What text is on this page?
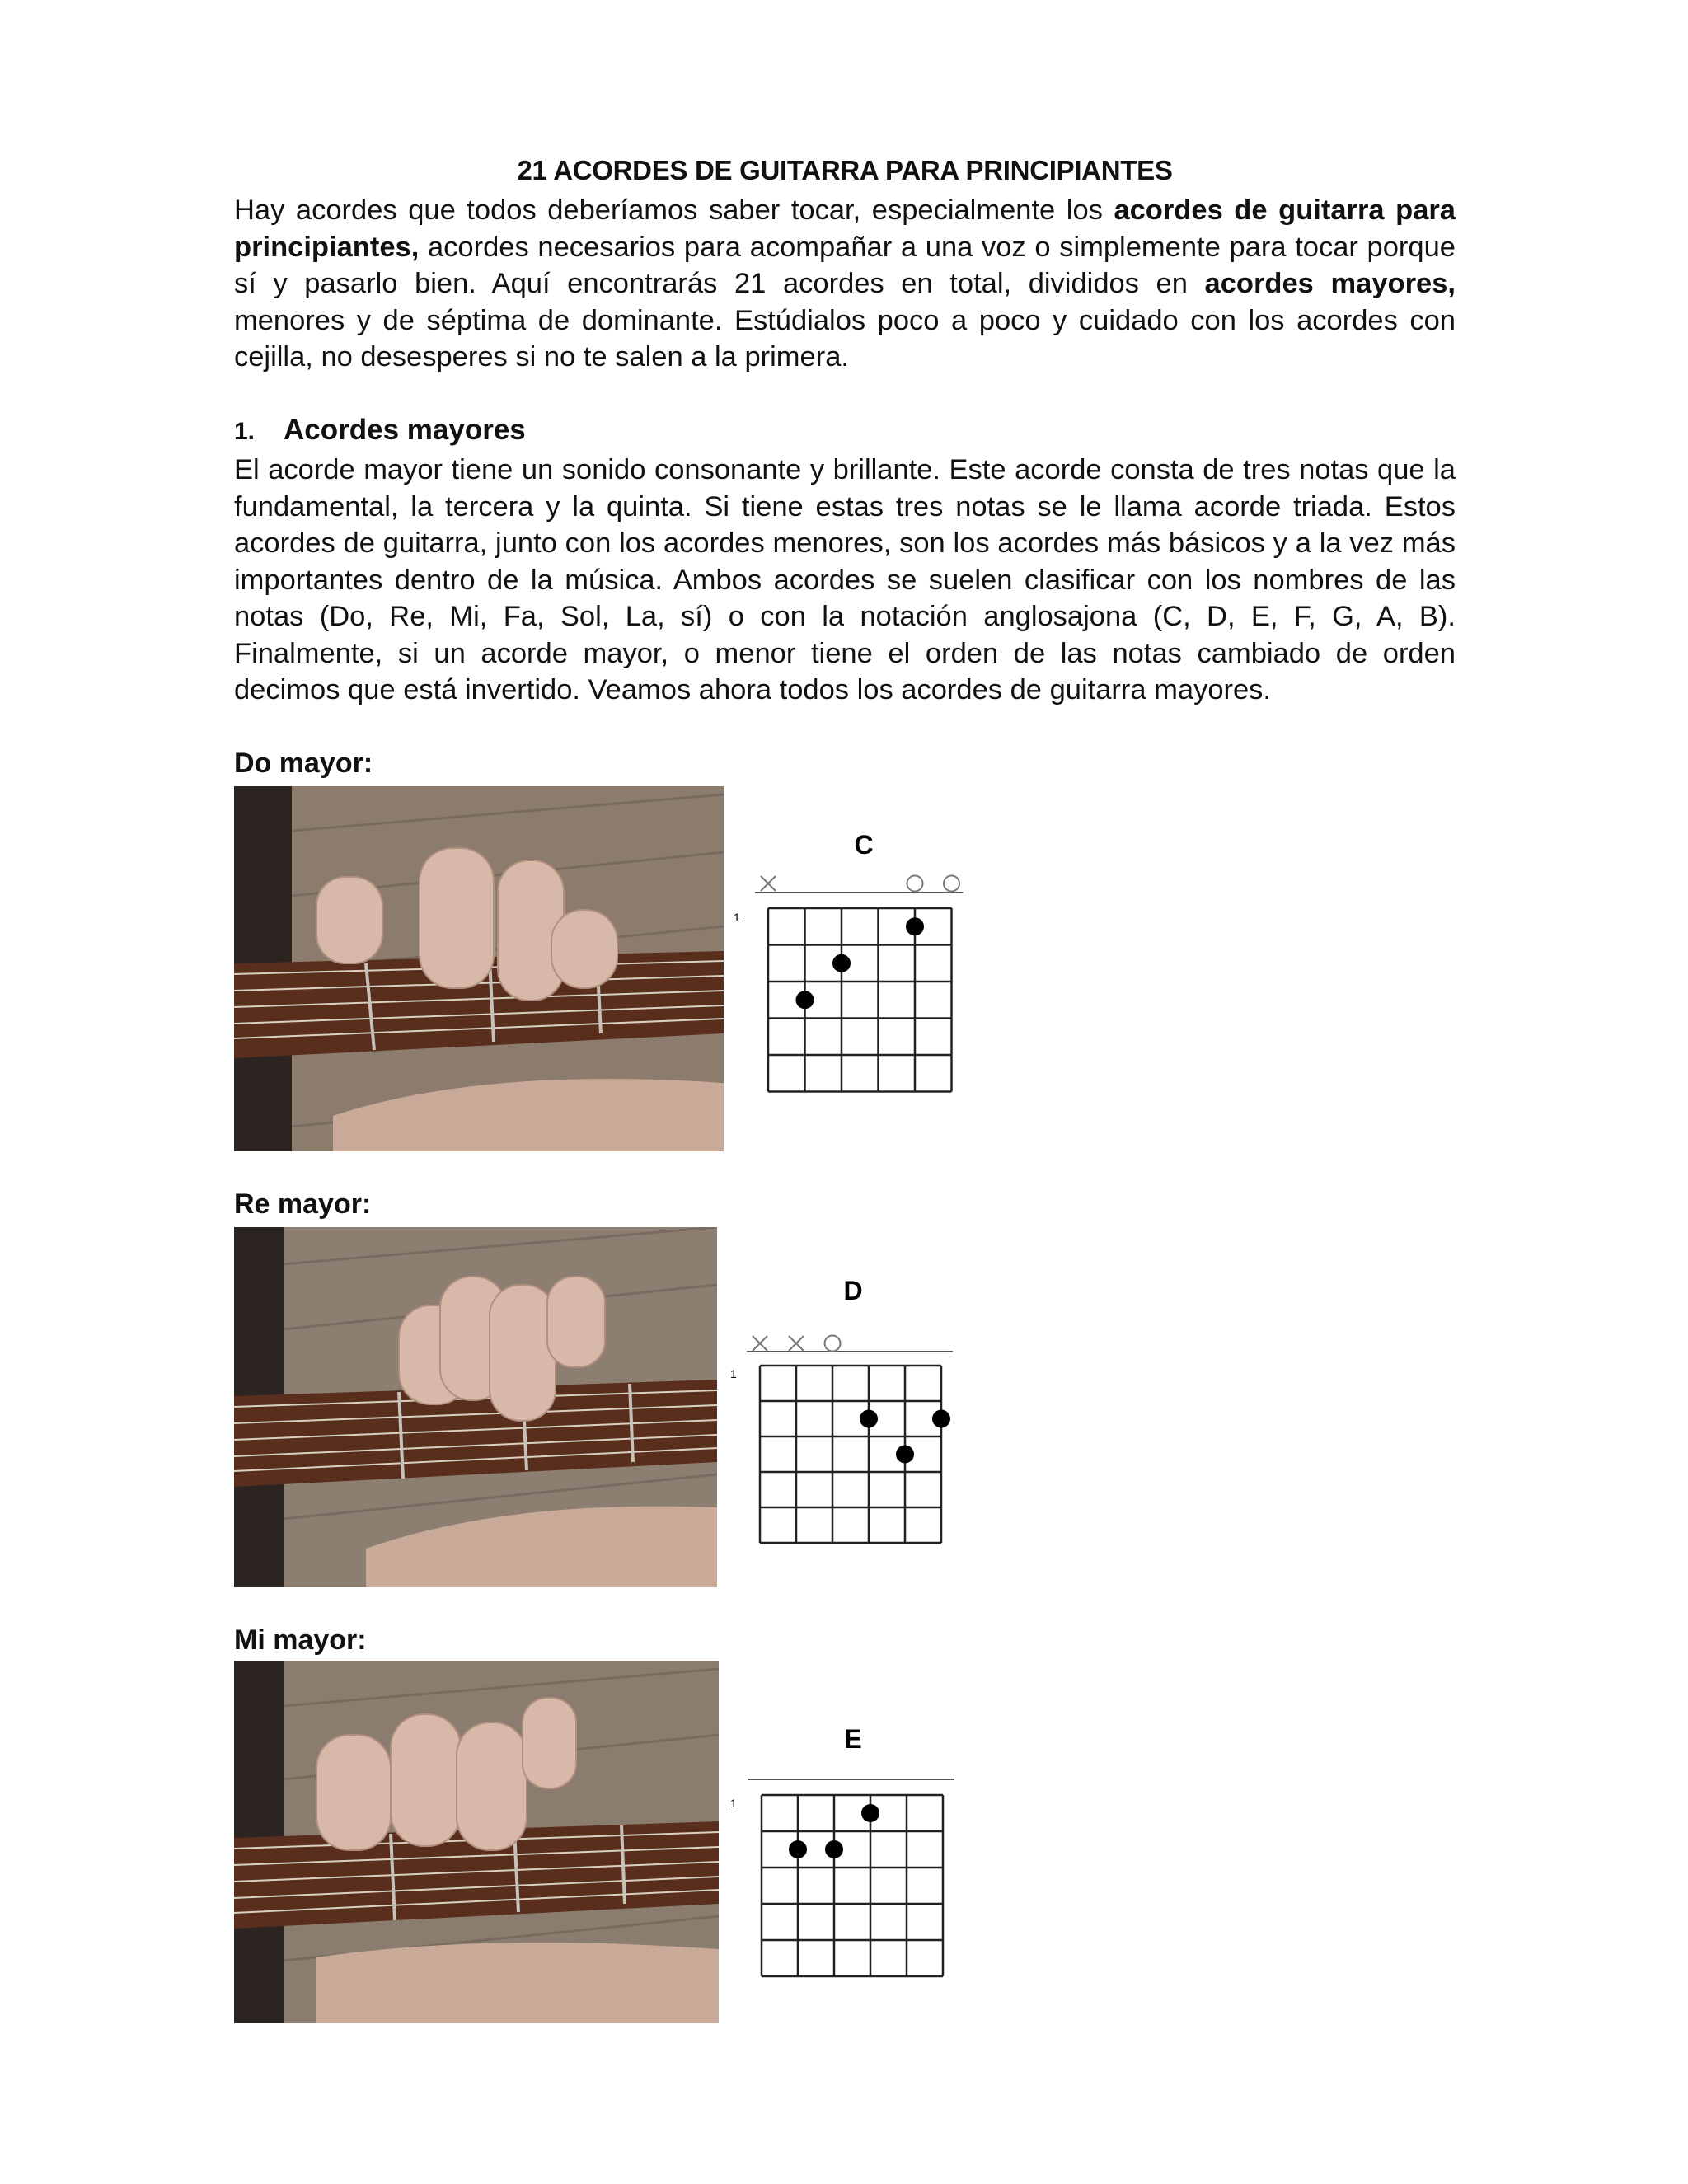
21 ACORDES DE GUITARRA PARA PRINCIPIANTES
Hay acordes que todos deberíamos saber tocar, especialmente los acordes de guitarra para principiantes, acordes necesarios para acompañar a una voz o simplemente para tocar porque sí y pasarlo bien. Aquí encontrarás 21 acordes en total, divididos en acordes mayores, menores y de séptima de dominante. Estúdialos poco a poco y cuidado con los acordes con cejilla, no desesperes si no te salen a la primera.
1. Acordes mayores
El acorde mayor tiene un sonido consonante y brillante. Este acorde consta de tres notas que la fundamental, la tercera y la quinta. Si tiene estas tres notas se le llama acorde triada. Estos acordes de guitarra, junto con los acordes menores, son los acordes más básicos y a la vez más importantes dentro de la música. Ambos acordes se suelen clasificar con los nombres de las notas (Do, Re, Mi, Fa, Sol, La, sí) o con la notación anglosajona (C, D, E, F, G, A, B). Finalmente, si un acorde mayor, o menor tiene el orden de las notas cambiado de orden decimos que está invertido. Veamos ahora todos los acordes de guitarra mayores.
Do mayor:
C
1
Re mayor:
D
1
Mi mayor:
E
1
